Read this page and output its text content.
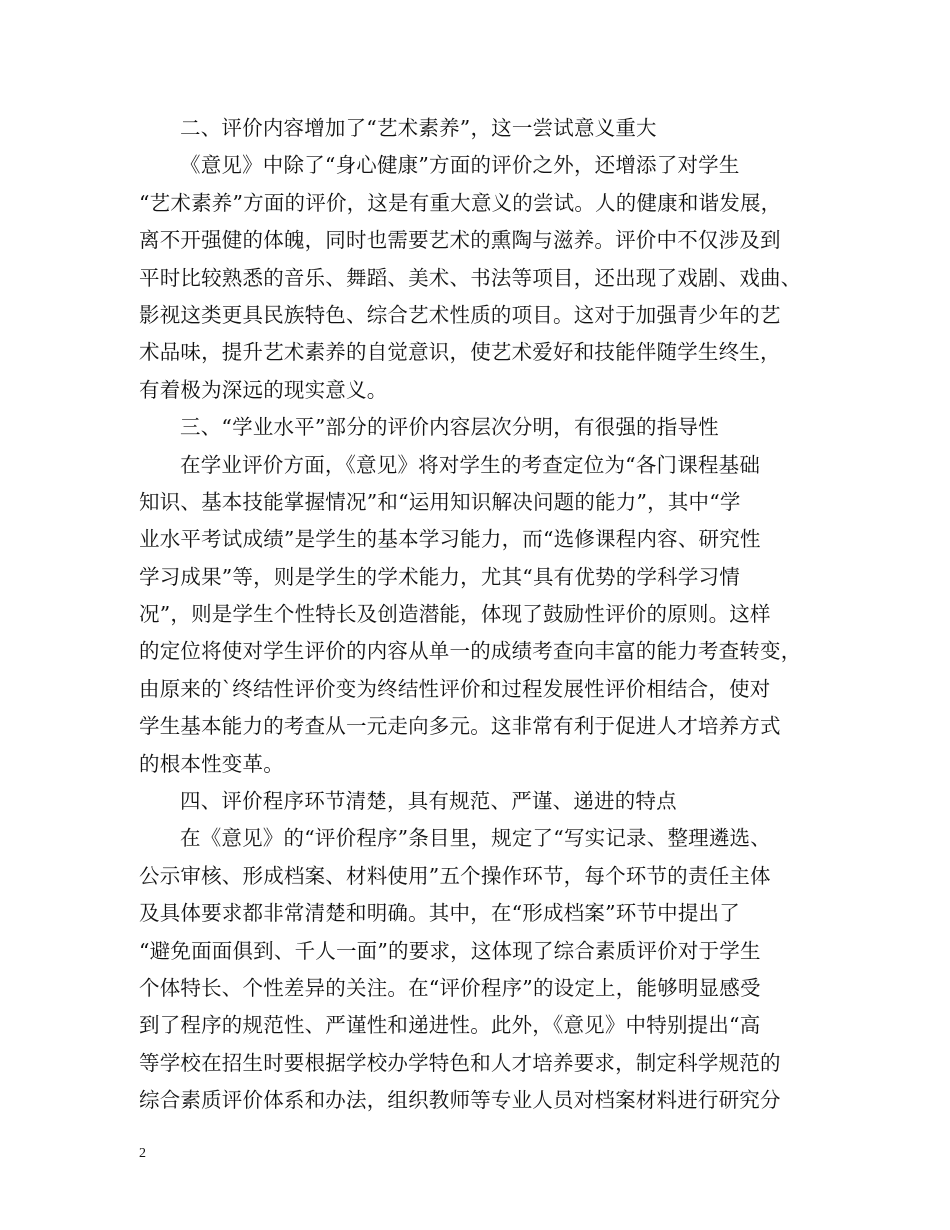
二、评价内容增加了“艺术素养”，这一尝试意义重大
《意见》中除了“身心健康”方面的评价之外，还增添了对学生
“艺术素养”方面的评价，这是有重大意义的尝试。人的健康和谐发展，
离不开强健的体魄，同时也需要艺术的熏陶与滋养。评价中不仅涉及到
平时比较熟悉的音乐、舞蹈、美术、书法等项目，还出现了戏剧、戏曲、
影视这类更具民族特色、综合艺术性质的项目。这对于加强青少年的艺
术品味，提升艺术素养的自觉意识，使艺术爱好和技能伴随学生终生，
有着极为深远的现实意义。
三、“学业水平”部分的评价内容层次分明，有很强的指导性
在学业评价方面，《意见》将对学生的考查定位为“各门课程基础
知识、基本技能掌握情况”和“运用知识解决问题的能力”，其中“学
业水平考试成绩”是学生的基本学习能力，而“选修课程内容、研究性
学习成果”等，则是学生的学术能力，尤其“具有优势的学科学习情
况”，则是学生个性特长及创造潜能，体现了鼓励性评价的原则。这样
的定位将使对学生评价的内容从单一的成绩考查向丰富的能力考查转变，
由原来的`终结性评价变为终结性评价和过程发展性评价相结合，使对
学生基本能力的考查从一元走向多元。这非常有利于促进人才培养方式
的根本性变革。
四、评价程序环节清楚，具有规范、严谨、递进的特点
在《意见》的“评价程序”条目里，规定了“写实记录、整理遴选、
公示审核、形成档案、材料使用”五个操作环节，每个环节的责任主体
及具体要求都非常清楚和明确。其中，在“形成档案”环节中提出了
“避免面面俱到、千人一面”的要求，这体现了综合素质评价对于学生
个体特长、个性差异的关注。在“评价程序”的设定上，能够明显感受
到了程序的规范性、严谨性和递进性。此外，《意见》中特别提出“高
等学校在招生时要根据学校办学特色和人才培养要求，制定科学规范的
综合素质评价体系和办法，组织教师等专业人员对档案材料进行研究分
2
